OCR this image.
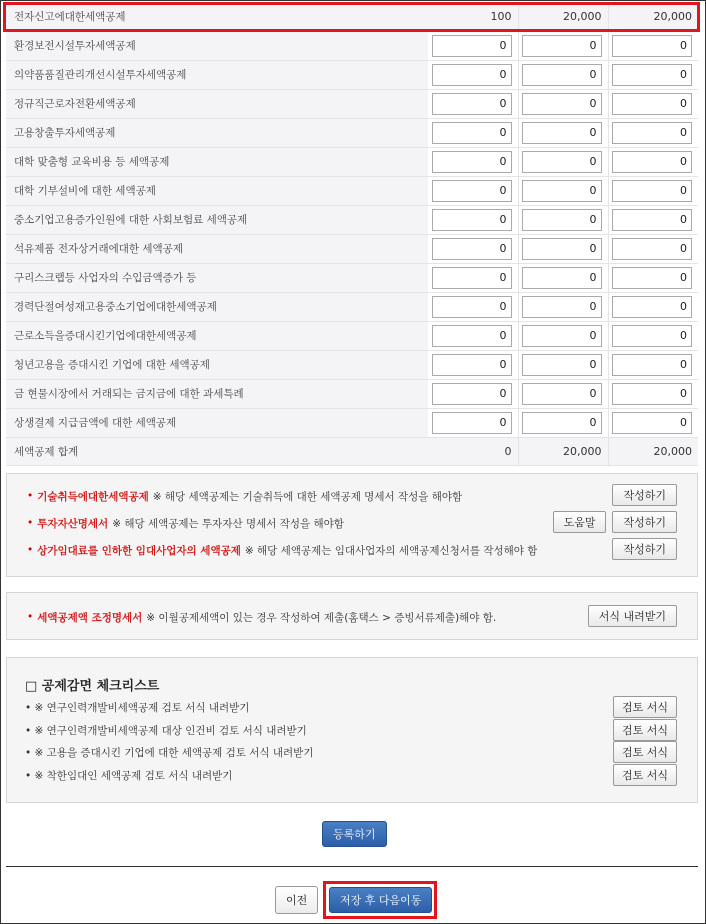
전자신고에대한세액공제	100	20,000	20,000
환경보전시설투자세액공제	0	0	0
의약품품질관리개선시설투자세액공제	0	0	0
정규직근로자전환세액공제	0	0	0
고용창출투자세액공제	0	0	0
대학 맞춤형 교육비용 등 세액공제	0	0	0
대학 기부설비에 대한 세액공제	0	0	0
중소기업고용증가인원에 대한 사회보험료 세액공제	0	0	0
석유제품 전자상거래에대한 세액공제	0	0	0
구리스크랩등 사업자의 수입금액증가 등	0	0	0
경력단절여성재고용중소기업에대한세액공제	0	0	0
근로소득을증대시킨기업에대한세액공제	0	0	0
청년고용을 증대시킨 기업에 대한 세액공제	0	0	0
금 현물시장에서 거래되는 금지금에 대한 과세특례	0	0	0
상생결제 지급금액에 대한 세액공제	0	0	0
세액공제 합계	0	20,000	20,000
• 기술취득에대한세액공제 ※ 해당 세액공제는 기술취득에 대한 세액공제 명세서 작성을 해야함	작성하기
• 투자자산명세서 ※ 해당 세액공제는 투자자산 명세서 작성을 해야함	도움말	작성하기
• 상가임대료를 인하한 임대사업자의 세액공제 ※ 해당 세액공제는 임대사업자의 세액공제신청서를 작성해야 함	작성하기
• 세액공제액 조정명세서 ※ 이월공제세액이 있는 경우 작성하여 제출(홈택스 > 증빙서류제출)해야 함.	서식 내려받기
□ 공제감면 체크리스트
• ※ 연구인력개발비세액공제 검토 서식 내려받기	검토 서식
• ※ 연구인력개발비세액공제 대상 인건비 검토 서식 내려받기	검토 서식
• ※ 고용을 증대시킨 기업에 대한 세액공제 검토 서식 내려받기	검토 서식
• ※ 착한임대인 세액공제 검토 서식 내려받기	검토 서식
등록하기
이전	저장 후 다음이동
